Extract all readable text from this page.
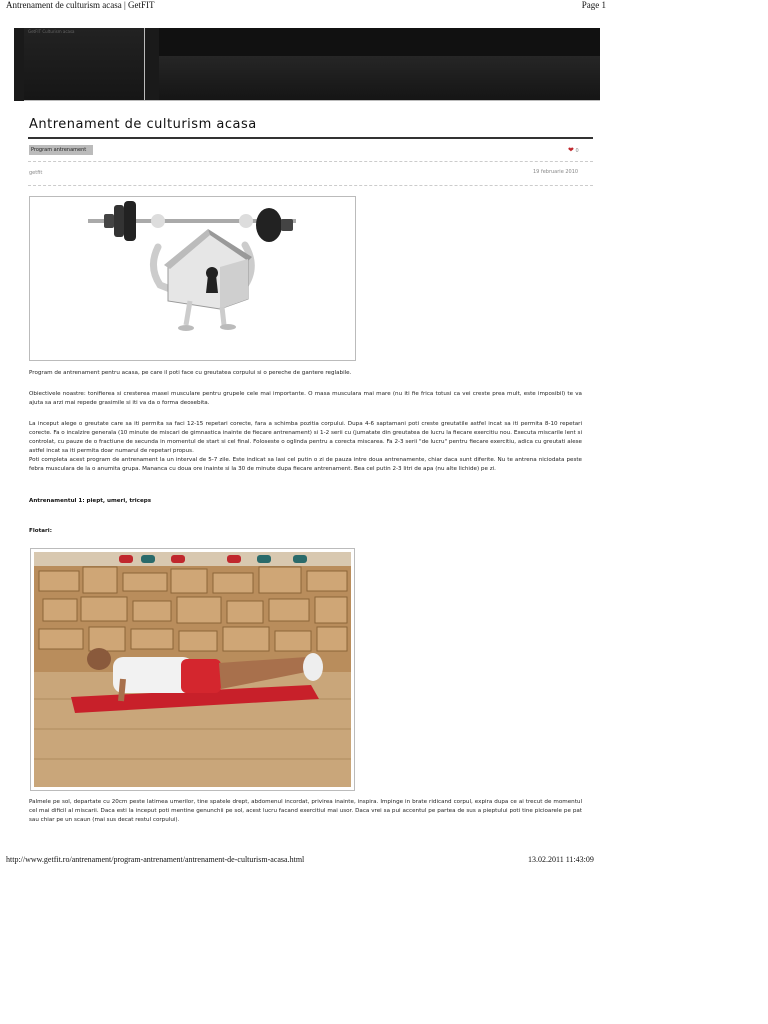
Antrenament de culturism acasa | GetFIT	Page 1
GetFIT Culturism acasa
Antrenament de culturism acasa
Program antrenament	❤ 0
getfit	19 februarie 2010

Program de antrenament pentru acasa, pe care il poti face cu greutatea corpului si o pereche de gantere reglabile.

Obiectivele noastre: tonifierea si cresterea masei musculare pentru grupele cele mai importante. O masa musculara mai mare (nu iti fie frica totusi ca vei creste prea mult, este imposibil) te va ajuta sa arzi mai repede grasimile si iti va da o forma deosebita.

La inceput alege o greutate care sa iti permita sa faci 12-15 repetari corecte, fara a schimba pozitia corpului. Dupa 4-6 saptamani poti creste greutatile astfel incat sa iti permita 8-10 repetari corecte. Fa o incalzire generala (10 minute de miscari de gimnastica inainte de fiecare antrenament) si 1-2 serii cu (jumatate din greutatea de lucru la fiecare exercitiu nou. Executa miscarile lent si controlat, cu pauze de o fractiune de secunda in momentul de start si cel final. Foloseste o oglinda pentru a corecta miscarea. Fa 2-3 serii "de lucru" pentru fiecare exercitiu, adica cu greutati alese astfel incat sa iti permita doar numarul de repetari propus.
Poti completa acest program de antrenament la un interval de 5-7 zile. Este indicat sa lasi cel putin o zi de pauza intre doua antrenamente, chiar daca sunt diferite. Nu te antrena niciodata peste febra musculara de la o anumita grupa. Mananca cu doua ore inainte si la 30 de minute dupa fiecare antrenament. Bea cel putin 2-3 litri de apa (nu alte lichide) pe zi.

Antrenamentul 1: piept, umeri, triceps

Flotari:

Palmele pe sol, departate cu 20cm peste latimea umerilor, tine spatele drept, abdomenul incordat, privirea inainte, inspira. Impinge in brate ridicand corpul, expira dupa ce ai trecut de momentul cel mai dificil al miscarii. Daca esti la inceput poti mentine genunchii pe sol, acest lucru facand exercitiul mai usor. Daca vrei sa pui accentul pe partea de sus a pieptului poti tine picioarele pe pat sau chiar pe un scaun (mai sus decat restul corpului).

http://www.getfit.ro/antrenament/program-antrenament/antrenament-de-culturism-acasa.html	13.02.2011 11:43:09
